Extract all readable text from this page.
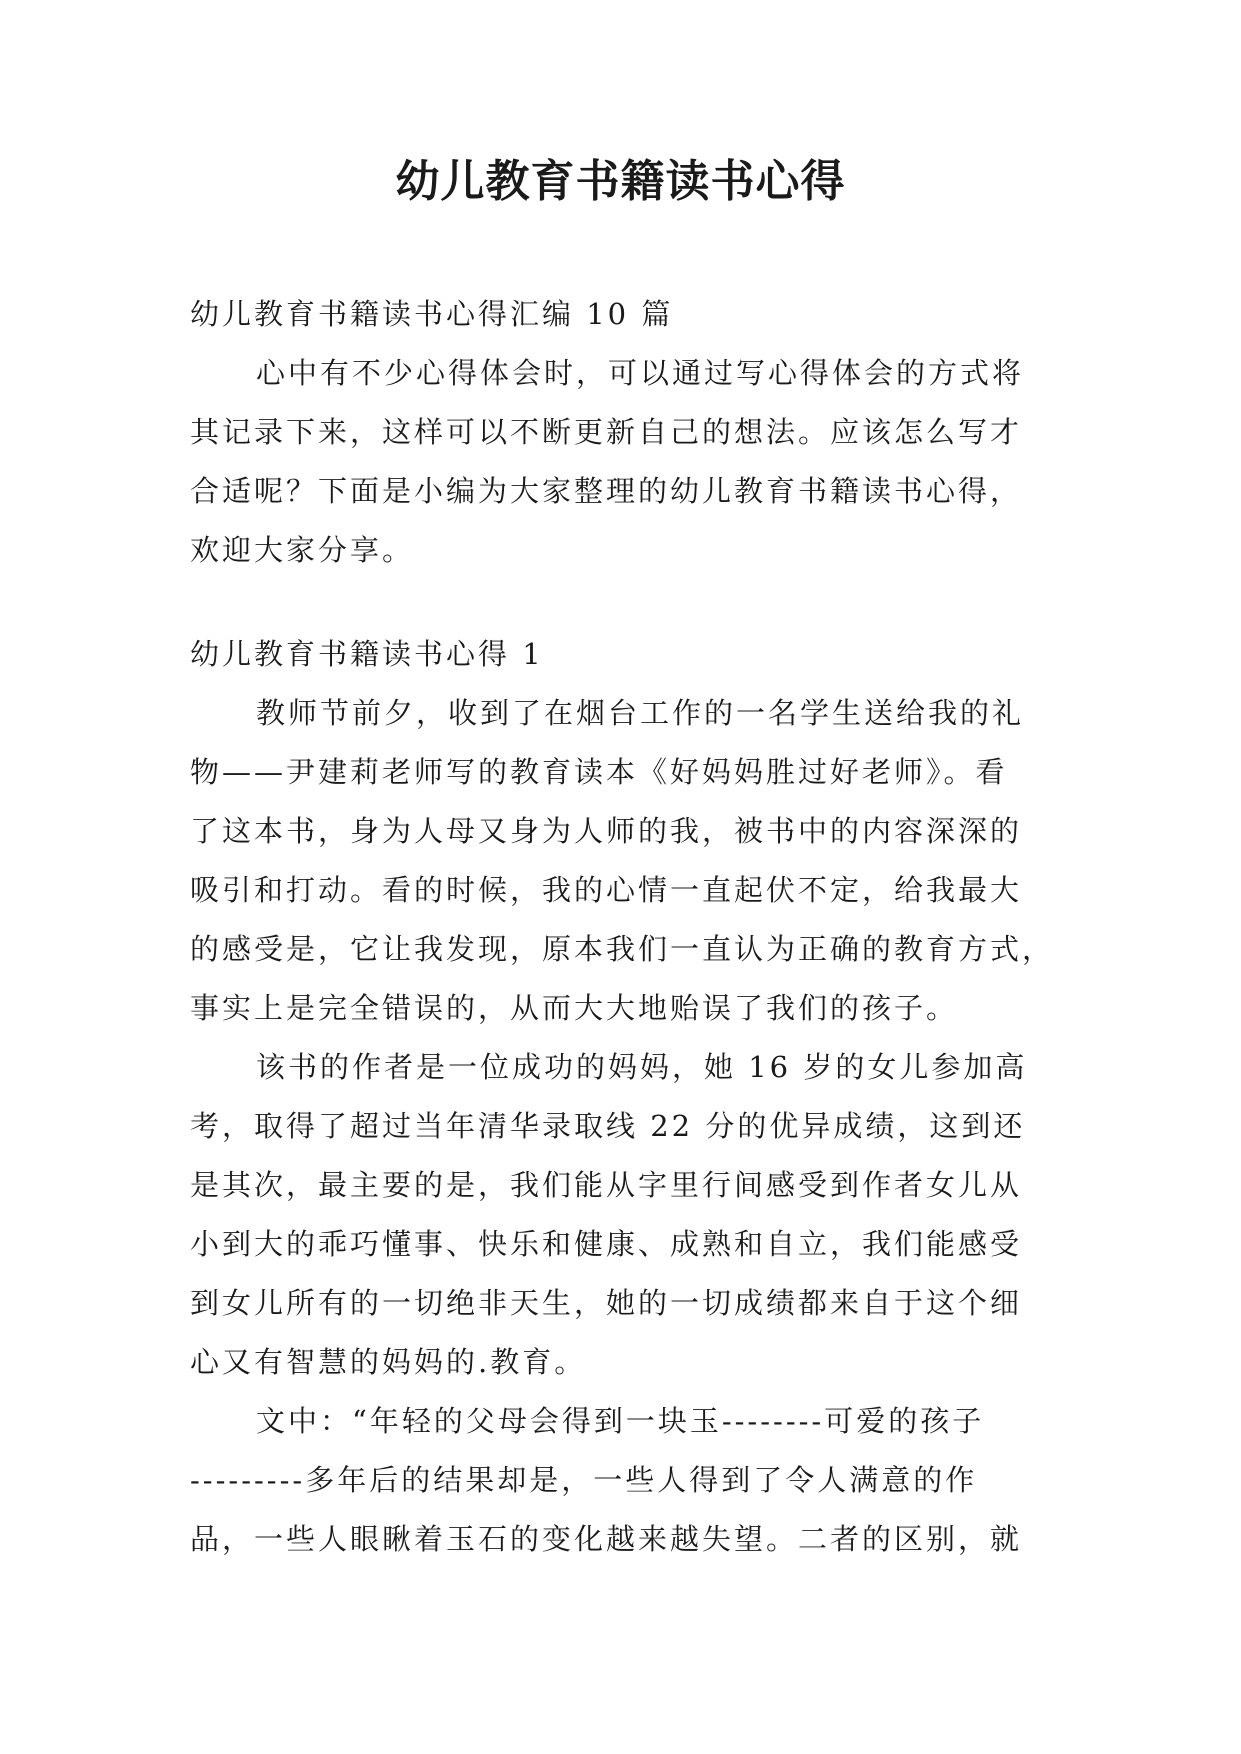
幼儿教育书籍读书心得
幼儿教育书籍读书心得汇编 10 篇
心中有不少心得体会时，可以通过写心得体会的方式将
其记录下来，这样可以不断更新自己的想法。应该怎么写才
合适呢？下面是小编为大家整理的幼儿教育书籍读书心得，
欢迎大家分享。
幼儿教育书籍读书心得 1
教师节前夕，收到了在烟台工作的一名学生送给我的礼
物——尹建莉老师写的教育读本《好妈妈胜过好老师》。看
了这本书，身为人母又身为人师的我，被书中的内容深深的
吸引和打动。看的时候，我的心情一直起伏不定，给我最大
的感受是，它让我发现，原本我们一直认为正确的教育方式，
事实上是完全错误的，从而大大地贻误了我们的孩子。
该书的作者是一位成功的妈妈，她 16 岁的女儿参加高
考，取得了超过当年清华录取线 22 分的优异成绩，这到还
是其次，最主要的是，我们能从字里行间感受到作者女儿从
小到大的乖巧懂事、快乐和健康、成熟和自立，我们能感受
到女儿所有的一切绝非天生，她的一切成绩都来自于这个细
心又有智慧的妈妈的.教育。
文中：“年轻的父母会得到一块玉--------可爱的孩子
---------多年后的结果却是，一些人得到了令人满意的作
品，一些人眼瞅着玉石的变化越来越失望。二者的区别，就
